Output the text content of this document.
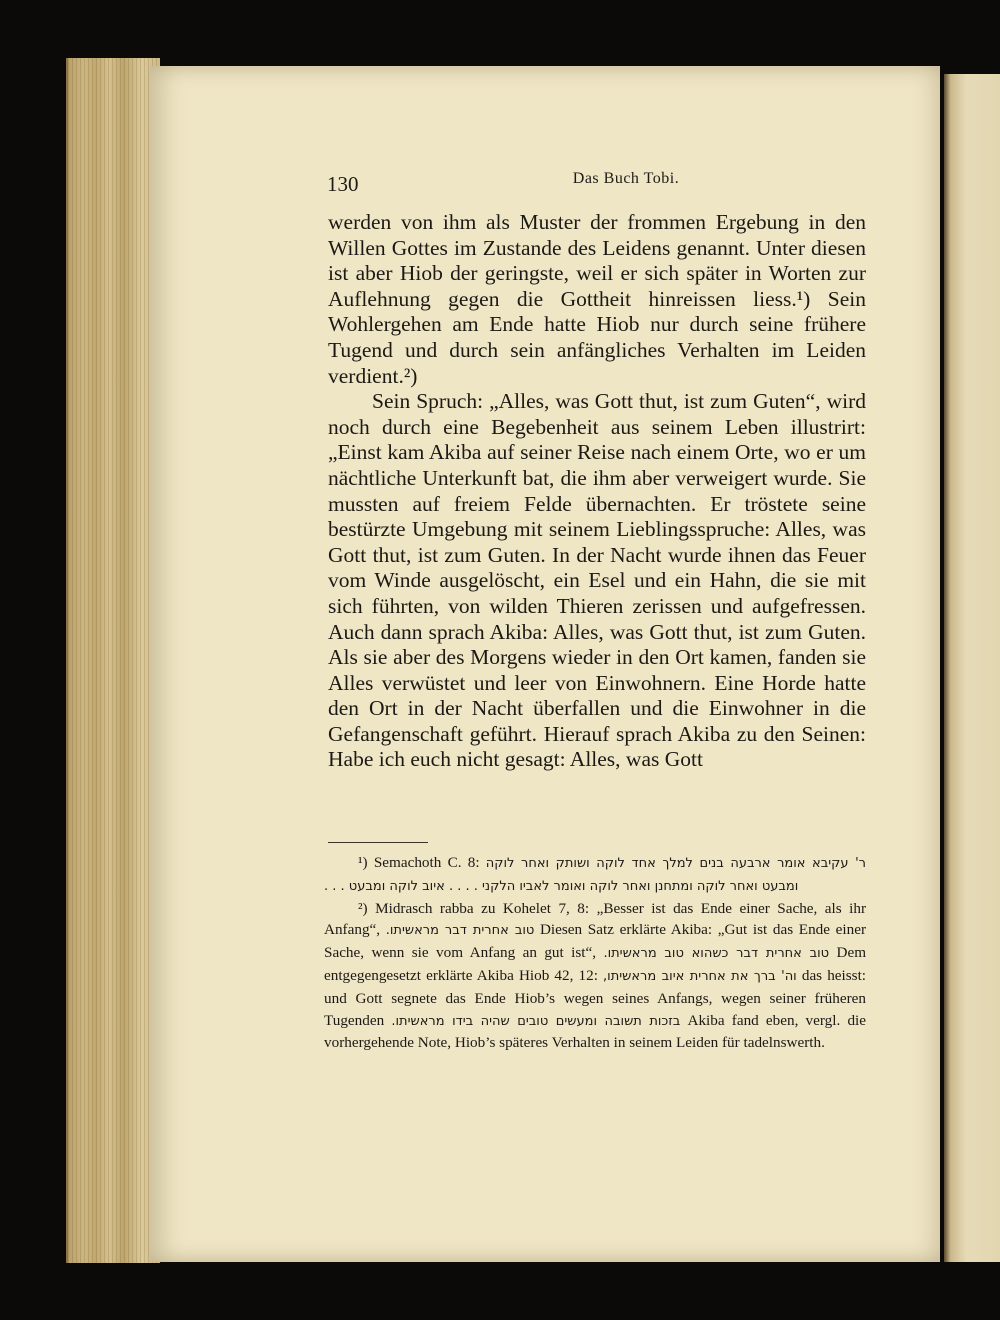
130	Das Buch Tobi.

werden von ihm als Muster der frommen Ergebung in den Willen Gottes im Zustande des Leidens genannt. Unter diesen ist aber Hiob der geringste, weil er sich später in Worten zur Auflehnung gegen die Gottheit hinreissen liess.¹) Sein Wohlergehen am Ende hatte Hiob nur durch seine frühere Tugend und durch sein anfängliches Verhalten im Leiden verdient.²)

Sein Spruch: „Alles, was Gott thut, ist zum Guten“, wird noch durch eine Begebenheit aus seinem Leben illustrirt: „Einst kam Akiba auf seiner Reise nach einem Orte, wo er um nächtliche Unterkunft bat, die ihm aber verweigert wurde. Sie mussten auf freiem Felde übernachten. Er tröstete seine bestürzte Umgebung mit seinem Lieblingsspruche: Alles, was Gott thut, ist zum Guten. In der Nacht wurde ihnen das Feuer vom Winde ausgelöscht, ein Esel und ein Hahn, die sie mit sich führten, von wilden Thieren zerissen und aufgefressen. Auch dann sprach Akiba: Alles, was Gott thut, ist zum Guten. Als sie aber des Morgens wieder in den Ort kamen, fanden sie Alles verwüstet und leer von Einwohnern. Eine Horde hatte den Ort in der Nacht überfallen und die Einwohner in die Gefangenschaft geführt. Hierauf sprach Akiba zu den Seinen: Habe ich euch nicht gesagt: Alles, was Gott

¹) Semachoth C. 8: ר' עקיבא אומר ארבעה בנים למלך אחד לוקה ושותק ואחר לוקה ומבעט ואחר לוקה ומתחנן ואחר לוקה ואומר לאביו הלקני . . . . איוב לוקה ומבעט . . .

²) Midrasch rabba zu Kohelet 7, 8: „Besser ist das Ende einer Sache, als ihr Anfang“, טוב אחרית דבר מראשיתו. Diesen Satz erklärte Akiba: „Gut ist das Ende einer Sache, wenn sie vom Anfang an gut ist“, טוב אחרית דבר כשהוא טוב מראשיתו. Dem entgegengesetzt erklärte Akiba Hiob 42, 12: וה' ברך את אחרית איוב מראשיתו, das heisst: und Gott segnete das Ende Hiob’s wegen seines Anfangs, wegen seiner früheren Tugenden בזכות תשובה ומעשים טובים שהיה בידו מראשיתו. Akiba fand eben, vergl. die vorhergehende Note, Hiob’s späteres Verhalten in seinem Leiden für tadelnswerth.
